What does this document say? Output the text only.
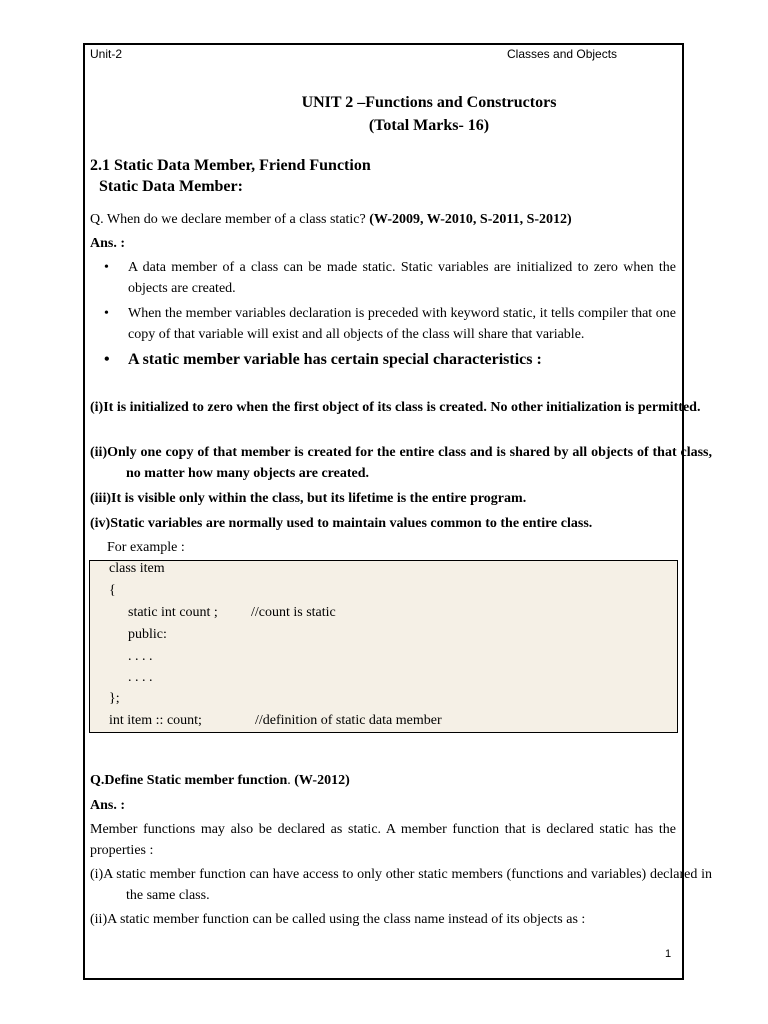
Unit-2	Classes and Objects
UNIT 2 –Functions and Constructors
(Total Marks- 16)
2.1 Static Data Member, Friend Function
Static Data Member:
Q. When do we declare member of a class static? (W-2009, W-2010, S-2011, S-2012)
Ans. :
• A data member of a class can be made static. Static variables are initialized to zero when the objects are created.
• When the member variables declaration is preceded with keyword static, it tells compiler that one copy of that variable will exist and all objects of the class will share that variable.
• A static member variable has certain special characteristics :
(i)It is initialized to zero when the first object of its class is created. No other initialization is permitted.
(ii)Only one copy of that member is created for the entire class and is shared by all objects of that class, no matter how many objects are created.
(iii)It is visible only within the class, but its lifetime is the entire program.
(iv)Static variables are normally used to maintain values common to the entire class.
For example :
class item
{
static int count ; //count is static
public:
. . . .
. . . .
};
int item :: count;	//definition of static data member
Q.Define Static member function. (W-2012)
Ans. :
Member functions may also be declared as static. A member function that is declared static has the properties :
(i)A static member function can have access to only other static members (functions and variables) declared in the same class.
(ii)A static member function can be called using the class name instead of its objects as :
1
